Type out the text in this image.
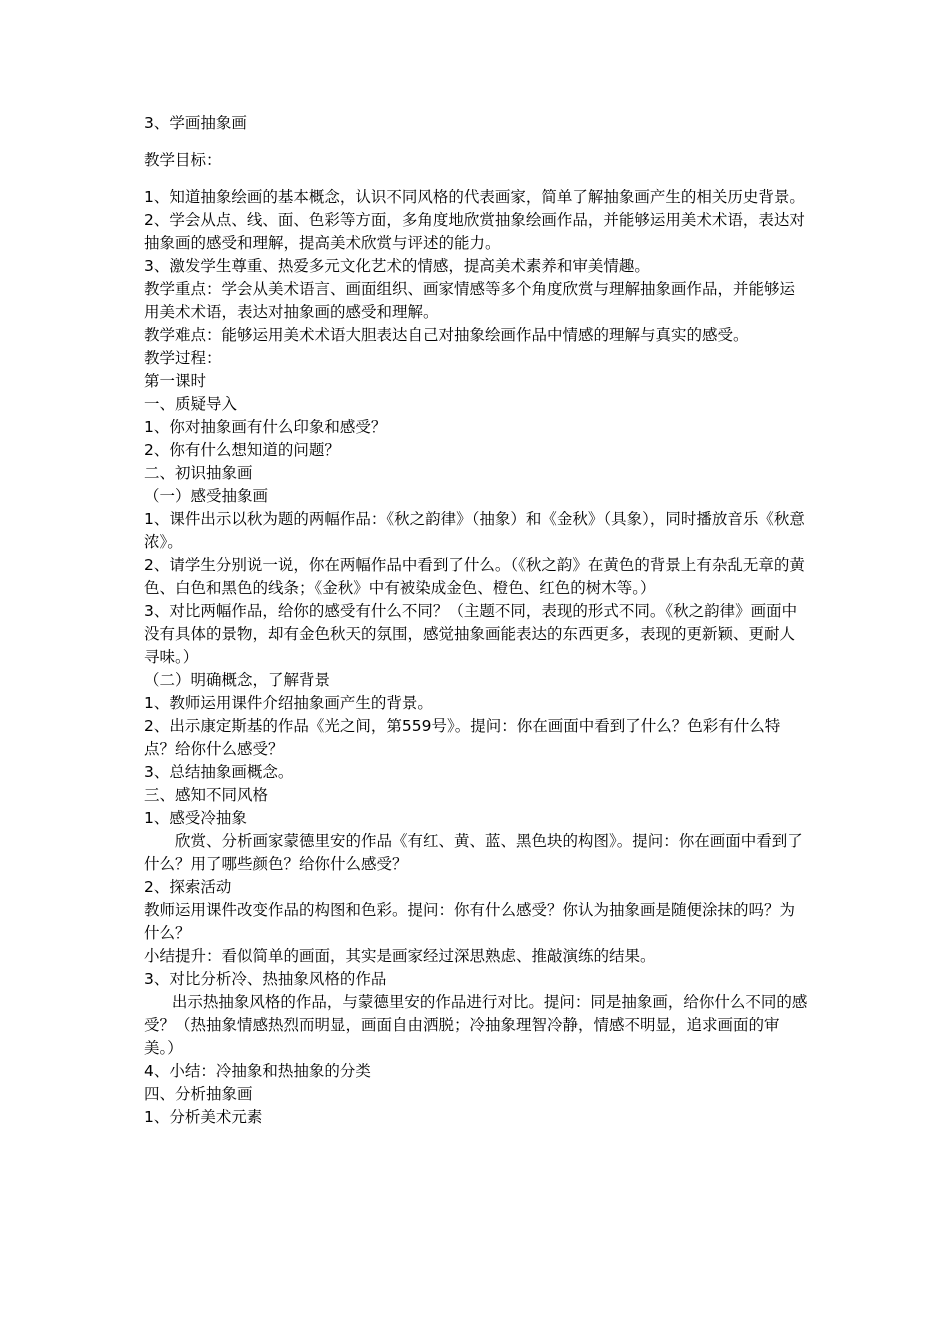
3、学画抽象画

教学目标：

1、知道抽象绘画的基本概念，认识不同风格的代表画家，简单了解抽象画产生的相关历史背景。

2、学会从点、线、面、色彩等方面，多角度地欣赏抽象绘画作品，并能够运用美术术语，表达对抽象画的感受和理解，提高美术欣赏与评述的能力。

3、激发学生尊重、热爱多元文化艺术的情感，提高美术素养和审美情趣。

教学重点：学会从美术语言、画面组织、画家情感等多个角度欣赏与理解抽象画作品，并能够运用美术术语，表达对抽象画的感受和理解。

教学难点：能够运用美术术语大胆表达自己对抽象绘画作品中情感的理解与真实的感受。

教学过程：

第一课时

一、质疑导入

1、你对抽象画有什么印象和感受？

2、你有什么想知道的问题？

二、初识抽象画

（一）感受抽象画

1、课件出示以秋为题的两幅作品：《秋之韵律》（抽象）和《金秋》（具象），同时播放音乐《秋意浓》。

2、请学生分别说一说，你在两幅作品中看到了什么。（《秋之韵》在黄色的背景上有杂乱无章的黄色、白色和黑色的线条；《金秋》中有被染成金色、橙色、红色的树木等。）

3、对比两幅作品，给你的感受有什么不同？（主题不同，表现的形式不同。《秋之韵律》画面中没有具体的景物，却有金色秋天的氛围，感觉抽象画能表达的东西更多，表现的更新颖、更耐人寻味。）

（二）明确概念，了解背景

1、教师运用课件介绍抽象画产生的背景。

2、出示康定斯基的作品《光之间，第559号》。提问：你在画面中看到了什么？色彩有什么特点？给你什么感受？

3、总结抽象画概念。

三、感知不同风格

1、感受冷抽象

欣赏、分析画家蒙德里安的作品《有红、黄、蓝、黑色块的构图》。提问：你在画面中看到了什么？用了哪些颜色？给你什么感受？

2、探索活动

教师运用课件改变作品的构图和色彩。提问：你有什么感受？你认为抽象画是随便涂抹的吗？为什么？

小结提升：看似简单的画面，其实是画家经过深思熟虑、推敲演练的结果。

3、对比分析冷、热抽象风格的作品

出示热抽象风格的作品，与蒙德里安的作品进行对比。提问：同是抽象画，给你什么不同的感受？（热抽象情感热烈而明显，画面自由洒脱；冷抽象理智冷静，情感不明显，追求画面的审美。）

4、小结：冷抽象和热抽象的分类

四、分析抽象画

1、分析美术元素
